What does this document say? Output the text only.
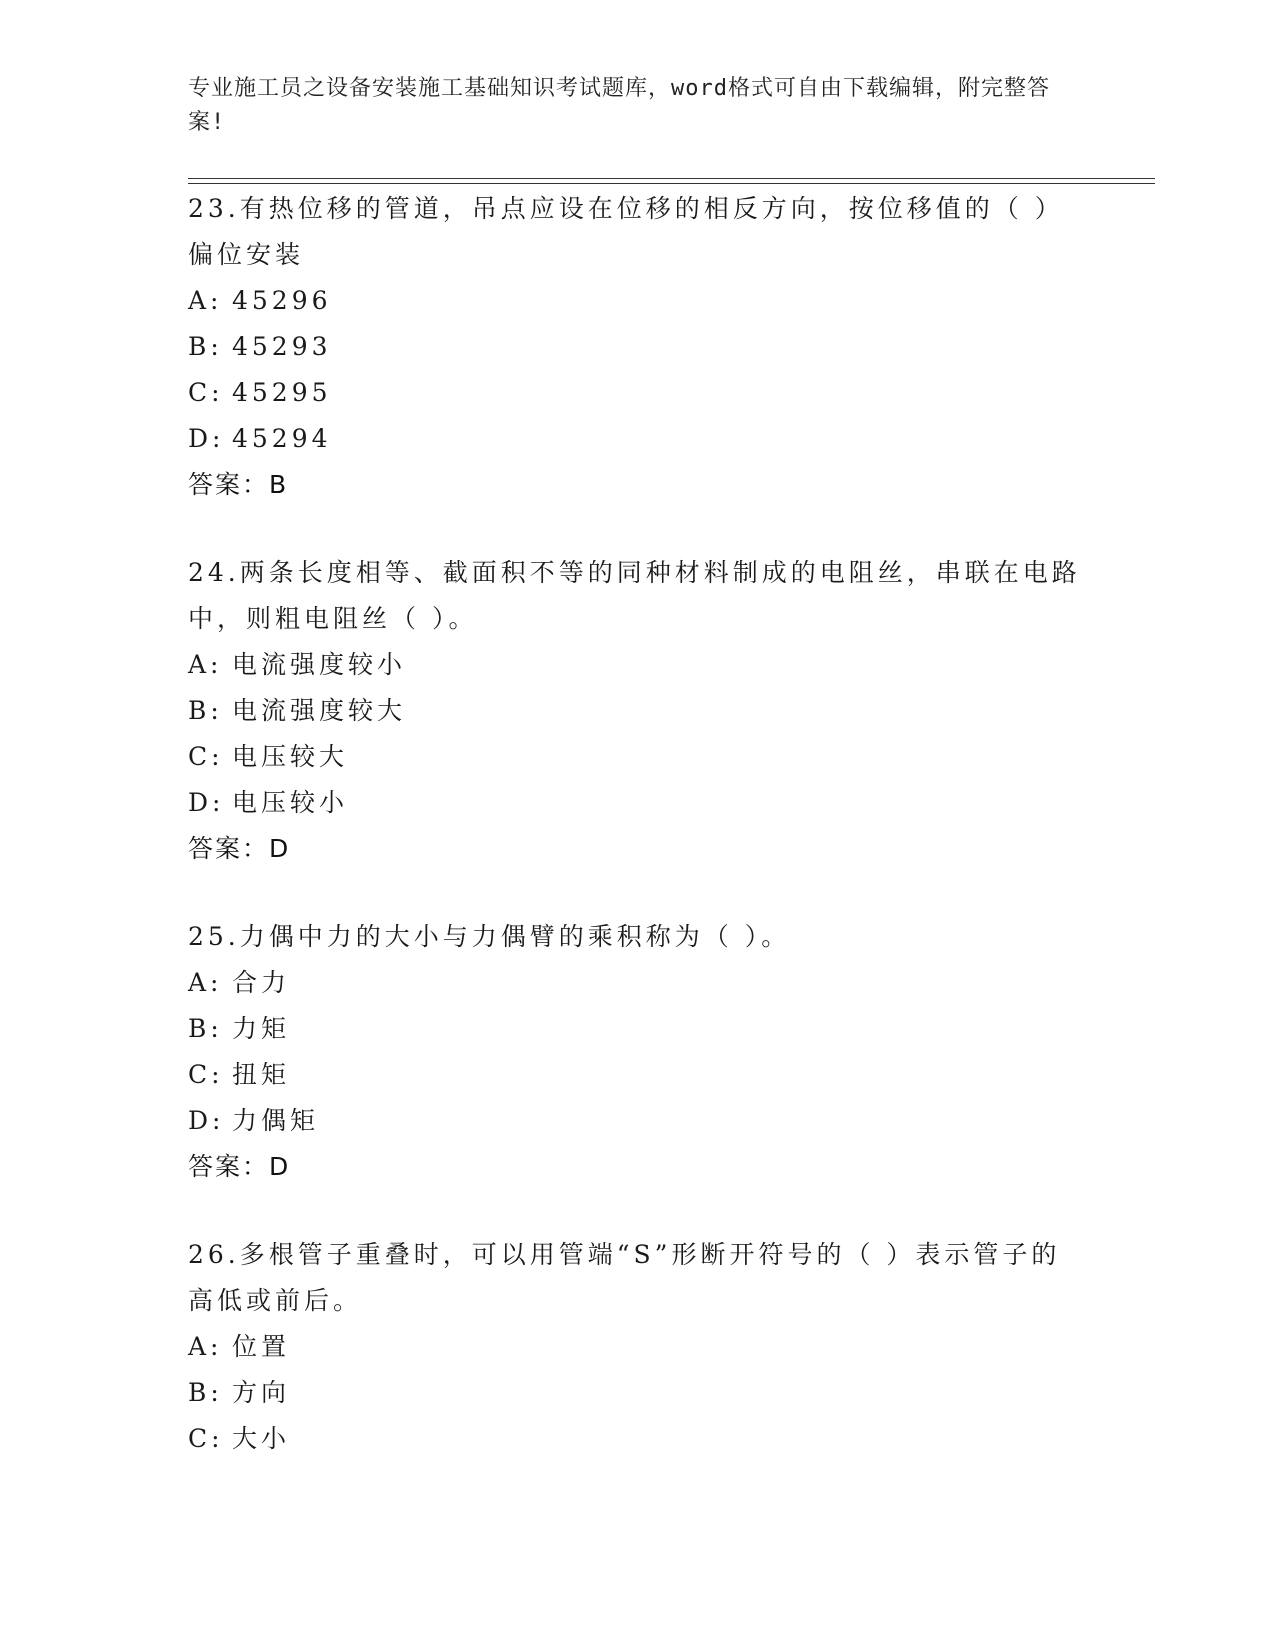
专业施工员之设备安装施工基础知识考试题库，word格式可自由下载编辑，附完整答案!

23.有热位移的管道，吊点应设在位移的相反方向，按位移值的（ ）偏位安装

A: 45296
B: 45293
C: 45295
D: 45294
答案：B

24.两条长度相等、截面积不等的同种材料制成的电阻丝，串联在电路中，则粗电阻丝（ ）。

A: 电流强度较小
B: 电流强度较大
C: 电压较大
D: 电压较小
答案：D

25.力偶中力的大小与力偶臂的乘积称为（ ）。

A: 合力
B: 力矩
C: 扭矩
D: 力偶矩
答案：D

26.多根管子重叠时，可以用管端“S”形断开符号的（ ）表示管子的高低或前后。

A: 位置
B: 方向
C: 大小
